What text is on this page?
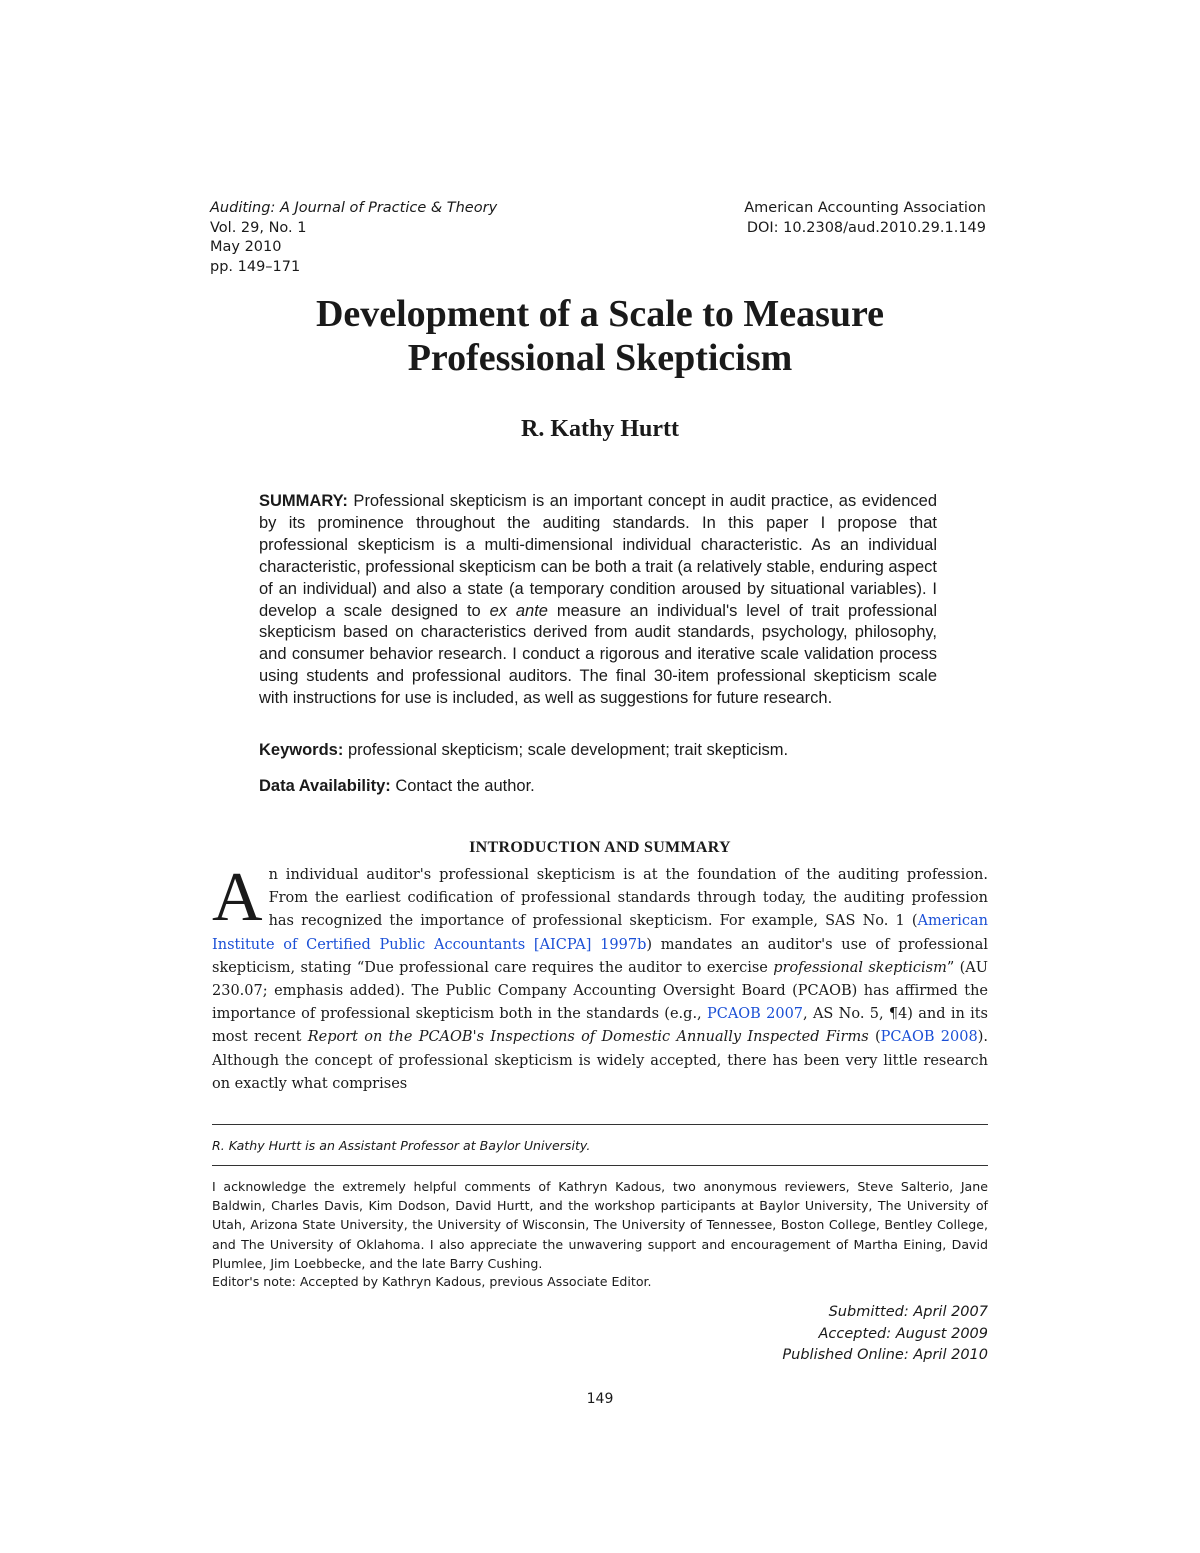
Auditing: A Journal of Practice & Theory
Vol. 29, No. 1
May 2010
pp. 149–171
American Accounting Association
DOI: 10.2308/aud.2010.29.1.149
Development of a Scale to Measure
Professional Skepticism
R. Kathy Hurtt
SUMMARY: Professional skepticism is an important concept in audit practice, as evidenced by its prominence throughout the auditing standards. In this paper I propose that professional skepticism is a multi-dimensional individual characteristic. As an individual characteristic, professional skepticism can be both a trait (a relatively stable, enduring aspect of an individual) and also a state (a temporary condition aroused by situational variables). I develop a scale designed to ex ante measure an individual's level of trait professional skepticism based on characteristics derived from audit standards, psychology, philosophy, and consumer behavior research. I conduct a rigorous and iterative scale validation process using students and professional auditors. The final 30-item professional skepticism scale with instructions for use is included, as well as suggestions for future research.
Keywords: professional skepticism; scale development; trait skepticism.
Data Availability: Contact the author.
INTRODUCTION AND SUMMARY
An individual auditor's professional skepticism is at the foundation of the auditing profession. From the earliest codification of professional standards through today, the auditing profession has recognized the importance of professional skepticism. For example, SAS No. 1 (American Institute of Certified Public Accountants [AICPA] 1997b) mandates an auditor's use of professional skepticism, stating “Due professional care requires the auditor to exercise professional skepticism” (AU 230.07; emphasis added). The Public Company Accounting Oversight Board (PCAOB) has affirmed the importance of professional skepticism both in the standards (e.g., PCAOB 2007, AS No. 5, ¶4) and in its most recent Report on the PCAOB's Inspections of Domestic Annually Inspected Firms (PCAOB 2008). Although the concept of professional skepticism is widely accepted, there has been very little research on exactly what comprises
R. Kathy Hurtt is an Assistant Professor at Baylor University.
I acknowledge the extremely helpful comments of Kathryn Kadous, two anonymous reviewers, Steve Salterio, Jane Baldwin, Charles Davis, Kim Dodson, David Hurtt, and the workshop participants at Baylor University, The University of Utah, Arizona State University, the University of Wisconsin, The University of Tennessee, Boston College, Bentley College, and The University of Oklahoma. I also appreciate the unwavering support and encouragement of Martha Eining, David Plumlee, Jim Loebbecke, and the late Barry Cushing.
Editor's note: Accepted by Kathryn Kadous, previous Associate Editor.
Submitted: April 2007
Accepted: August 2009
Published Online: April 2010
149
